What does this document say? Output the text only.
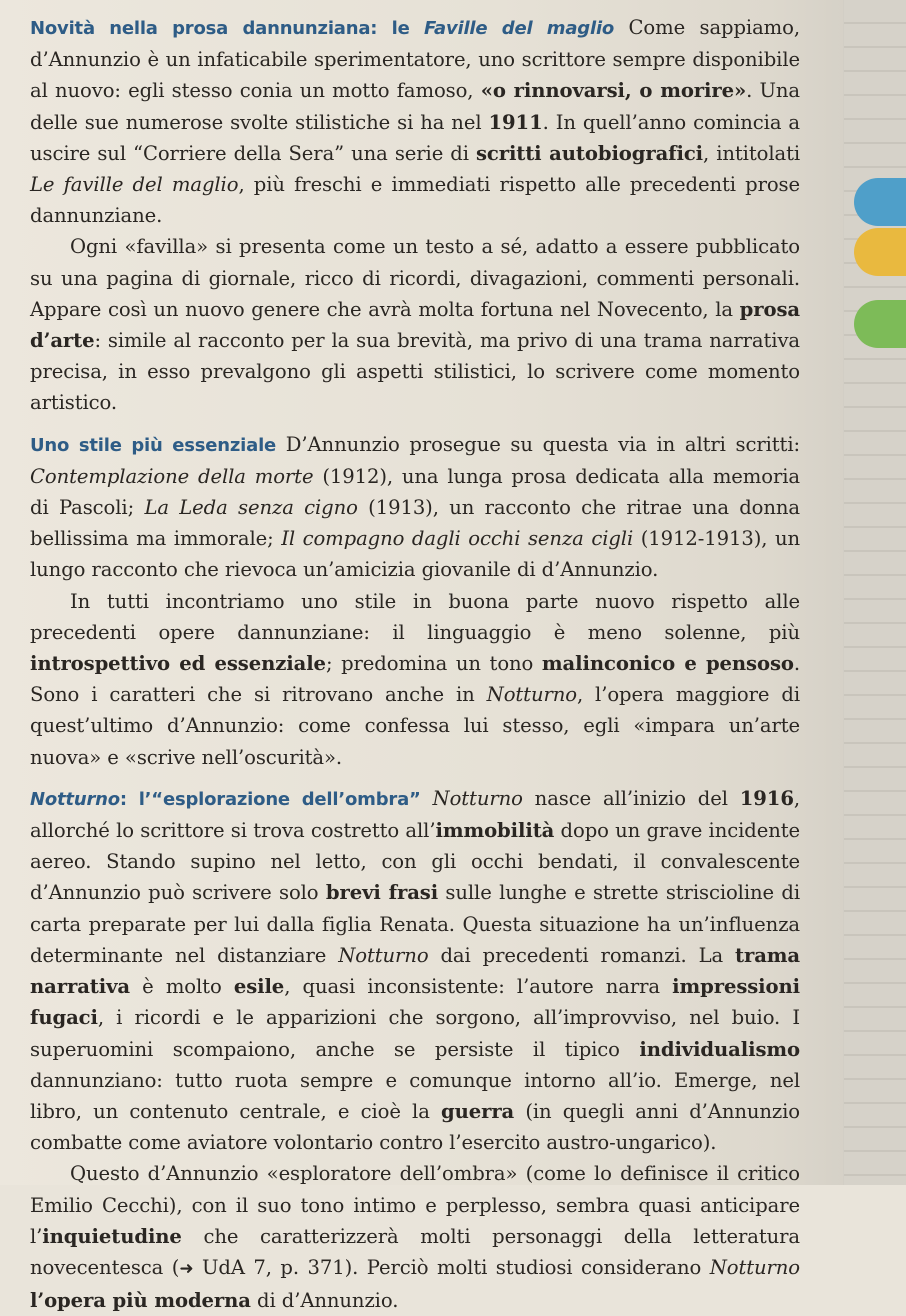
Novità nella prosa dannunziana: le Faville del maglio Come sappiamo, d’Annunzio è un infaticabile sperimentatore, uno scrittore sempre disponibile al nuovo: egli stesso conia un motto famoso, «o rinnovarsi, o morire». Una delle sue numerose svolte stilistiche si ha nel 1911. In quell’anno comincia a uscire sul “Corriere della Sera” una serie di scritti autobiografici, intitolati Le faville del maglio, più freschi e immediati rispetto alle precedenti prose dannunziane.

Ogni «favilla» si presenta come un testo a sé, adatto a essere pubblicato su una pagina di giornale, ricco di ricordi, divagazioni, commenti personali. Appare così un nuovo genere che avrà molta fortuna nel Novecento, la prosa d’arte: simile al racconto per la sua brevità, ma privo di una trama narrativa precisa, in esso prevalgono gli aspetti stilistici, lo scrivere come momento artistico.

Uno stile più essenziale D’Annunzio prosegue su questa via in altri scritti: Contemplazione della morte (1912), una lunga prosa dedicata alla memoria di Pascoli; La Leda senza cigno (1913), un racconto che ritrae una donna bellissima ma immorale; Il compagno dagli occhi senza cigli (1912-1913), un lungo racconto che rievoca un’amicizia giovanile di d’Annunzio.

In tutti incontriamo uno stile in buona parte nuovo rispetto alle precedenti opere dannunziane: il linguaggio è meno solenne, più introspettivo ed essenziale; predomina un tono malinconico e pensoso. Sono i caratteri che si ritrovano anche in Notturno, l’opera maggiore di quest’ultimo d’Annunzio: come confessa lui stesso, egli «impara un’arte nuova» e «scrive nell’oscurità».

Notturno: l’“esplorazione dell’ombra” Notturno nasce all’inizio del 1916, allorché lo scrittore si trova costretto all’immobilità dopo un grave incidente aereo. Stando supino nel letto, con gli occhi bendati, il convalescente d’Annunzio può scrivere solo brevi frasi sulle lunghe e strette striscioline di carta preparate per lui dalla figlia Renata. Questa situazione ha un’influenza determinante nel distanziare Notturno dai precedenti romanzi. La trama narrativa è molto esile, quasi inconsistente: l’autore narra impressioni fugaci, i ricordi e le apparizioni che sorgono, all’improvviso, nel buio. I superuomini scompaiono, anche se persiste il tipico individualismo dannunziano: tutto ruota sempre e comunque intorno all’io. Emerge, nel libro, un contenuto centrale, e cioè la guerra (in quegli anni d’Annunzio combatte come aviatore volontario contro l’esercito austro-ungarico).

Questo d’Annunzio «esploratore dell’ombra» (come lo definisce il critico Emilio Cecchi), con il suo tono intimo e perplesso, sembra quasi anticipare l’inquietudine che caratterizzerà molti personaggi della letteratura novecentesca (➜ UdA 7, p. 371). Perciò molti studiosi considerano Notturno l’opera più moderna di d’Annunzio.
